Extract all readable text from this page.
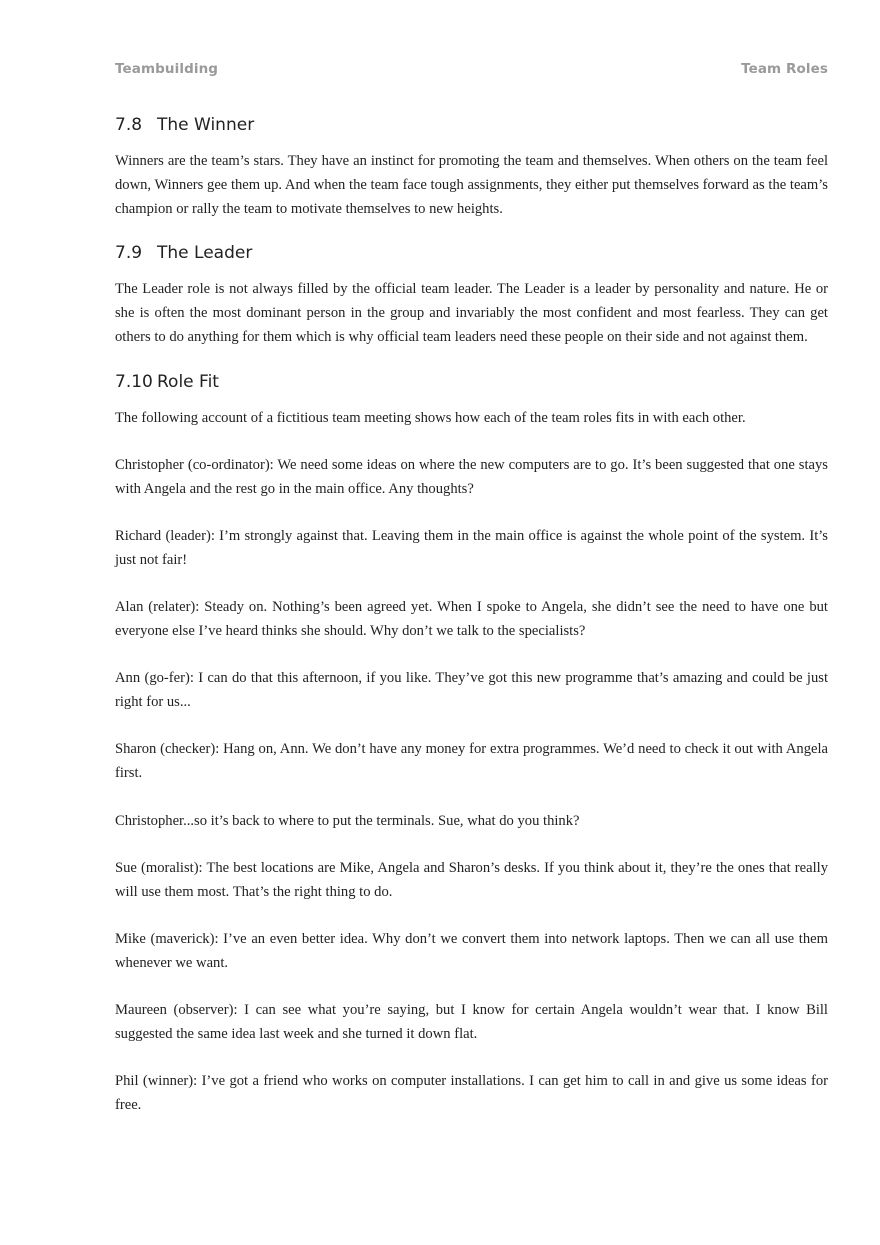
Teambuilding	Team Roles
7.8 The Winner

Winners are the team’s stars. They have an instinct for promoting the team and themselves. When others on the team feel down, Winners gee them up. And when the team face tough assignments, they either put themselves forward as the team’s champion or rally the team to motivate themselves to new heights.

7.9 The Leader

The Leader role is not always filled by the official team leader. The Leader is a leader by personality and nature. He or she is often the most dominant person in the group and invariably the most confident and most fearless. They can get others to do anything for them which is why official team leaders need these people on their side and not against them.

7.10 Role Fit

The following account of a fictitious team meeting shows how each of the team roles fits in with each other.

Christopher (co-ordinator): We need some ideas on where the new computers are to go. It’s been suggested that one stays with Angela and the rest go in the main office. Any thoughts?

Richard (leader): I’m strongly against that. Leaving them in the main office is against the whole point of the system. It’s just not fair!

Alan (relater): Steady on. Nothing’s been agreed yet. When I spoke to Angela, she didn’t see the need to have one but everyone else I’ve heard thinks she should. Why don’t we talk to the specialists?

Ann (go-fer): I can do that this afternoon, if you like. They’ve got this new programme that’s amazing and could be just right for us...

Sharon (checker): Hang on, Ann. We don’t have any money for extra programmes. We’d need to check it out with Angela first.

Christopher...so it’s back to where to put the terminals. Sue, what do you think?

Sue (moralist): The best locations are Mike, Angela and Sharon’s desks. If you think about it, they’re the ones that really will use them most. That’s the right thing to do.

Mike (maverick): I’ve an even better idea. Why don’t we convert them into network laptops. Then we can all use them whenever we want.

Maureen (observer): I can see what you’re saying, but I know for certain Angela wouldn’t wear that. I know Bill suggested the same idea last week and she turned it down flat.

Phil (winner): I’ve got a friend who works on computer installations. I can get him to call in and give us some ideas for free.
